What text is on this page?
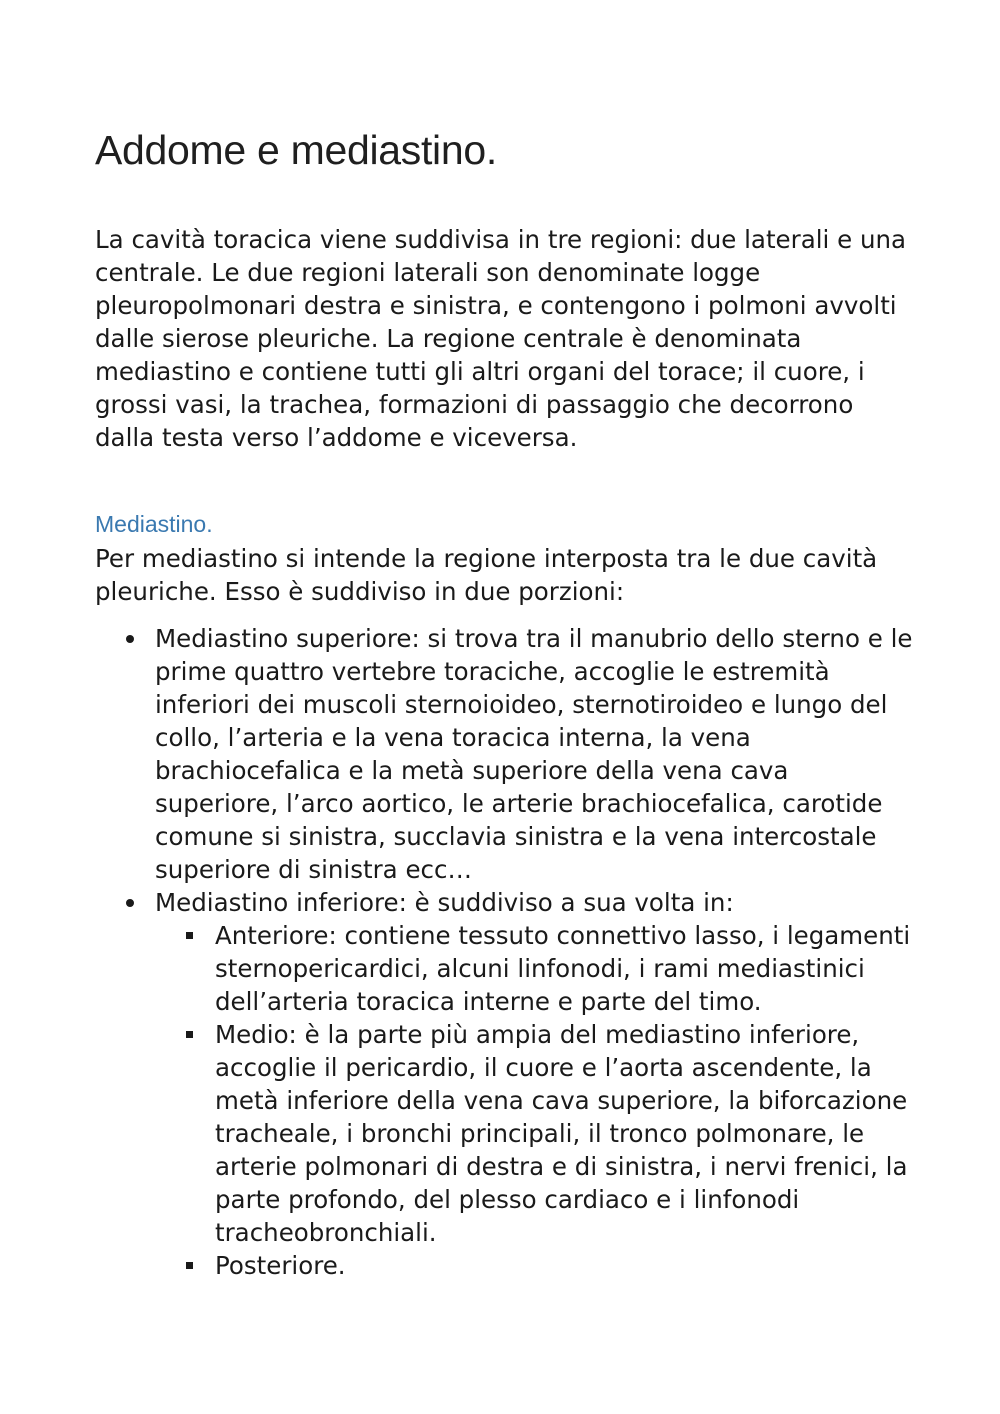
Addome e mediastino.

La cavità toracica viene suddivisa in tre regioni: due laterali e una centrale. Le due regioni laterali son denominate logge pleuropolmonari destra e sinistra, e contengono i polmoni avvolti dalle sierose pleuriche. La regione centrale è denominata mediastino e contiene tutti gli altri organi del torace; il cuore, i grossi vasi, la trachea, formazioni di passaggio che decorrono dalla testa verso l’addome e viceversa.

Mediastino.

Per mediastino si intende la regione interposta tra le due cavità pleuriche. Esso è suddiviso in due porzioni:

Mediastino superiore: si trova tra il manubrio dello sterno e le prime quattro vertebre toraciche, accoglie le estremità inferiori dei muscoli sternoioideo, sternotiroideo e lungo del collo, l’arteria e la vena toracica interna, la vena brachiocefalica e la metà superiore della vena cava superiore, l’arco aortico, le arterie brachiocefalica, carotide comune si sinistra, succlavia sinistra e la vena intercostale superiore di sinistra ecc…
Mediastino inferiore: è suddiviso a sua volta in:
Anteriore: contiene tessuto connettivo lasso, i legamenti sternopericardici, alcuni linfonodi, i rami mediastinici dell’arteria toracica interne e parte del timo.
Medio: è la parte più ampia del mediastino inferiore, accoglie il pericardio, il cuore e l’aorta ascendente, la metà inferiore della vena cava superiore, la biforcazione tracheale, i bronchi principali, il tronco polmonare, le arterie polmonari di destra e di sinistra, i nervi frenici, la parte profondo, del plesso cardiaco e i linfonodi tracheobronchiali.
Posteriore.
